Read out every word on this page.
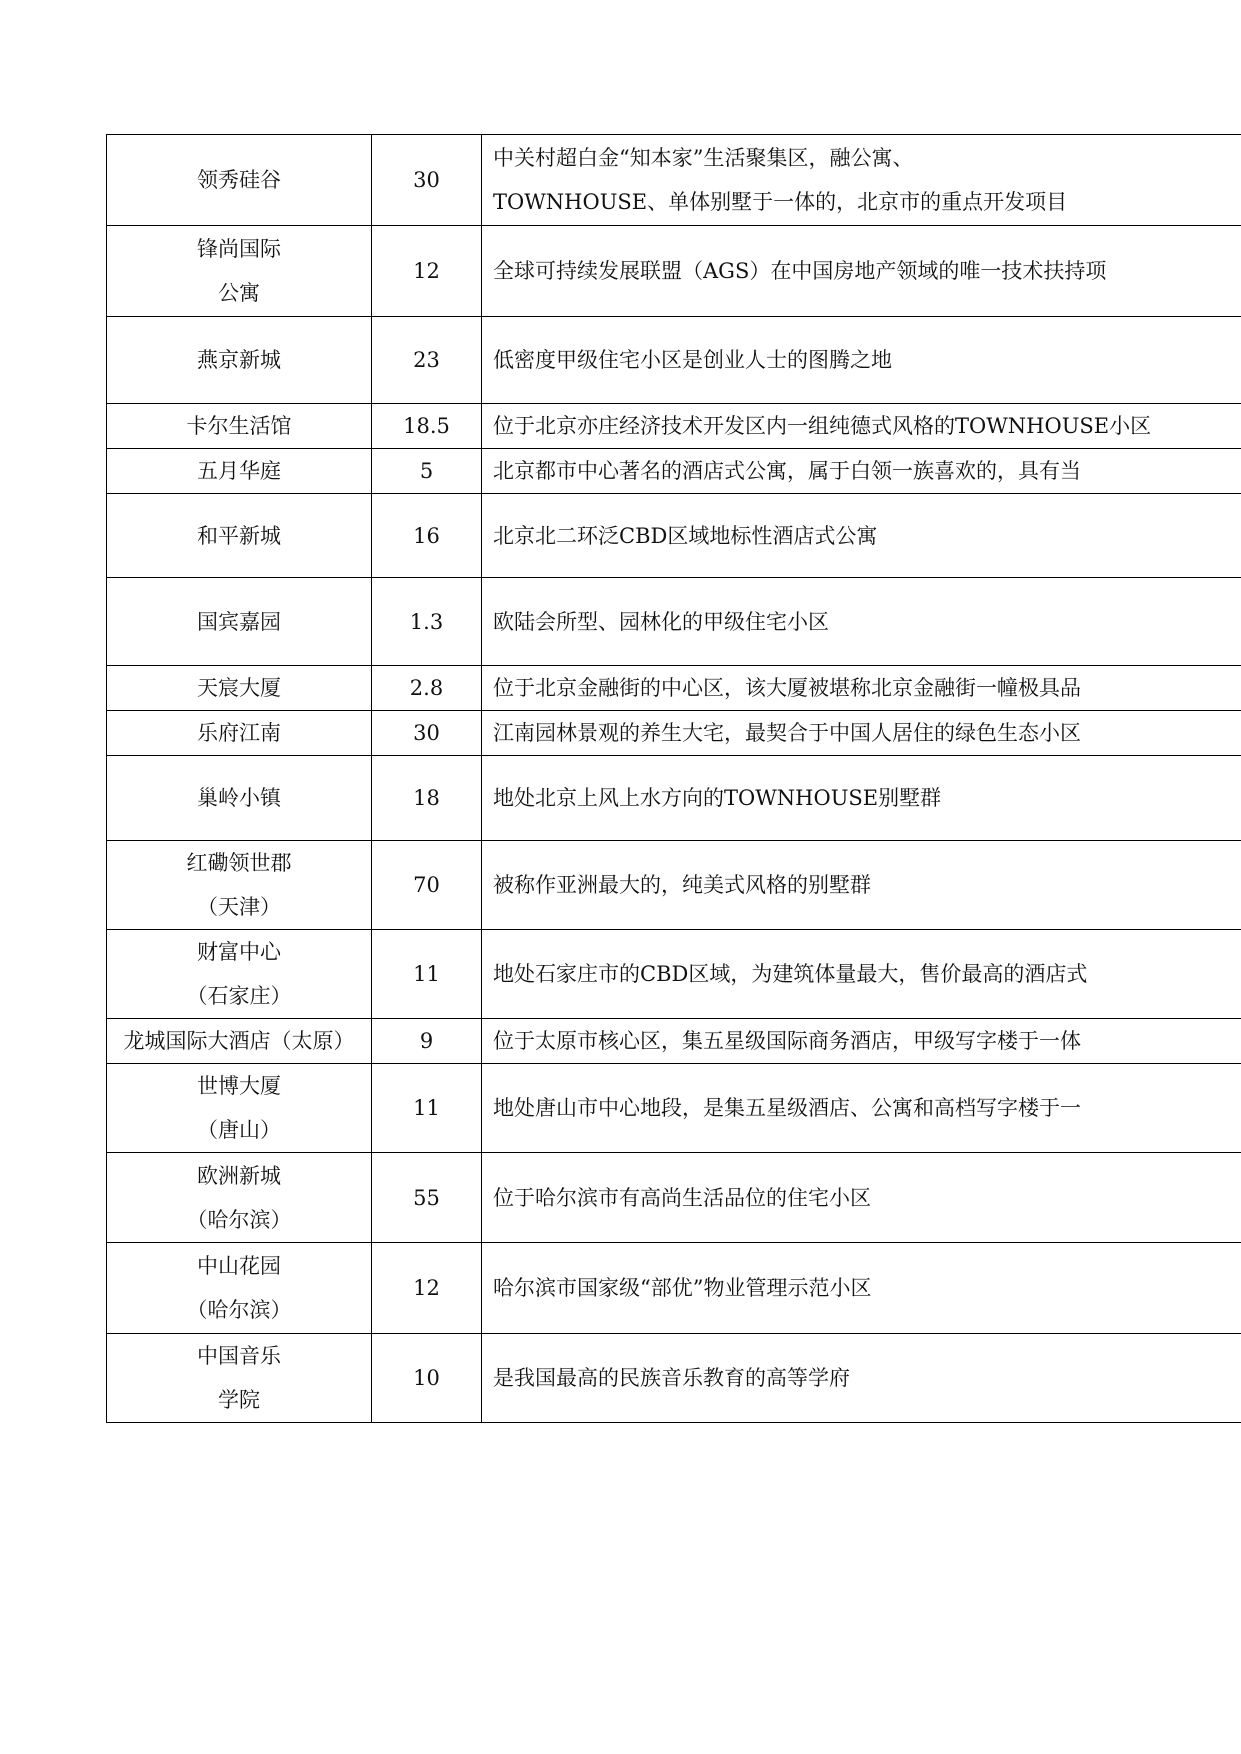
领秀硅谷	30	中关村超白金“知本家”生活聚集区，融公寓、
TOWNHOUSE、单体别墅于一体的，北京市的重点开发项目

锋尚国际
公寓	12	全球可持续发展联盟（AGS）在中国房地产领域的唯一技术扶持项

燕京新城	23	低密度甲级住宅小区是创业人士的图腾之地

卡尔生活馆	18.5	位于北京亦庄经济技术开发区内一组纯德式风格的TOWNHOUSE小区

五月华庭	5	北京都市中心著名的酒店式公寓，属于白领一族喜欢的，具有当

和平新城	16	北京北二环泛CBD区域地标性酒店式公寓

国宾嘉园	1.3	欧陆会所型、园林化的甲级住宅小区

天宸大厦	2.8	位于北京金融街的中心区，该大厦被堪称北京金融街一幢极具品

乐府江南	30	江南园林景观的养生大宅，最契合于中国人居住的绿色生态小区

巢岭小镇	18	地处北京上风上水方向的TOWNHOUSE别墅群

红磡领世郡
（天津）	70	被称作亚洲最大的，纯美式风格的别墅群

财富中心
（石家庄）	11	地处石家庄市的CBD区域，为建筑体量最大，售价最高的酒店式

龙城国际大酒店（太原）	9	位于太原市核心区，集五星级国际商务酒店，甲级写字楼于一体

世博大厦
（唐山）	11	地处唐山市中心地段，是集五星级酒店、公寓和高档写字楼于一

欧洲新城
（哈尔滨）	55	位于哈尔滨市有高尚生活品位的住宅小区

中山花园
（哈尔滨）	12	哈尔滨市国家级“部优”物业管理示范小区

中国音乐
学院	10	是我国最高的民族音乐教育的高等学府
